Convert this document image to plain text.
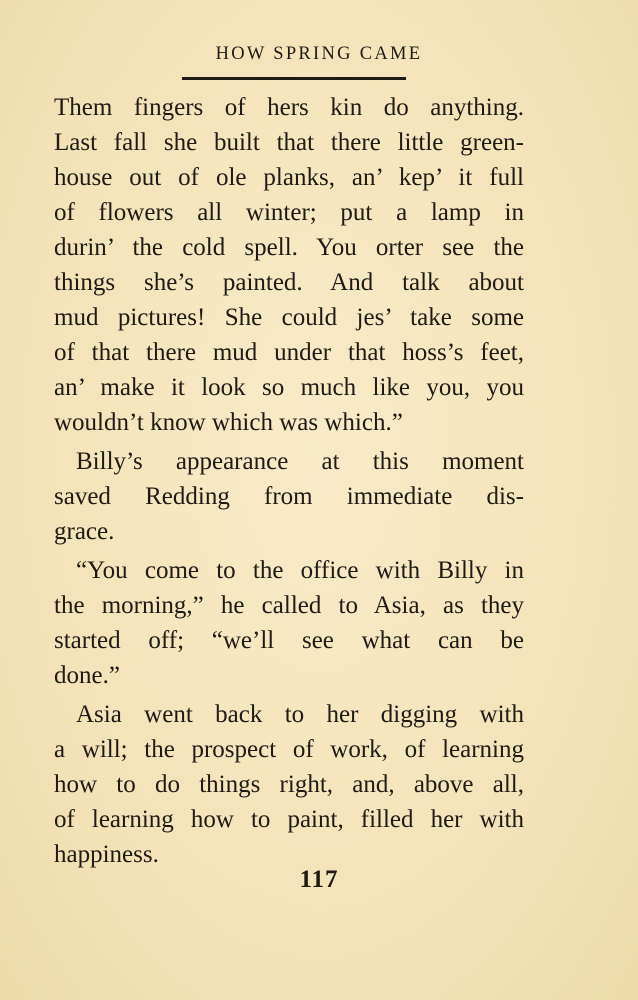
HOW SPRING CAME
Them fingers of hers kin do anything.
Last fall she built that there little green-
house out of ole planks, an’ kep’ it full
of flowers all winter; put a lamp in
durin’ the cold spell. You orter see the
things she’s painted. And talk about
mud pictures! She could jes’ take some
of that there mud under that hoss’s feet,
an’ make it look so much like you, you
wouldn’t know which was which.”
Billy’s appearance at this moment
saved Redding from immediate dis-
grace.
“You come to the office with Billy in
the morning,” he called to Asia, as they
started off; “we’ll see what can be
done.”
Asia went back to her digging with
a will; the prospect of work, of learning
how to do things right, and, above all,
of learning how to paint, filled her with
happiness.
117
